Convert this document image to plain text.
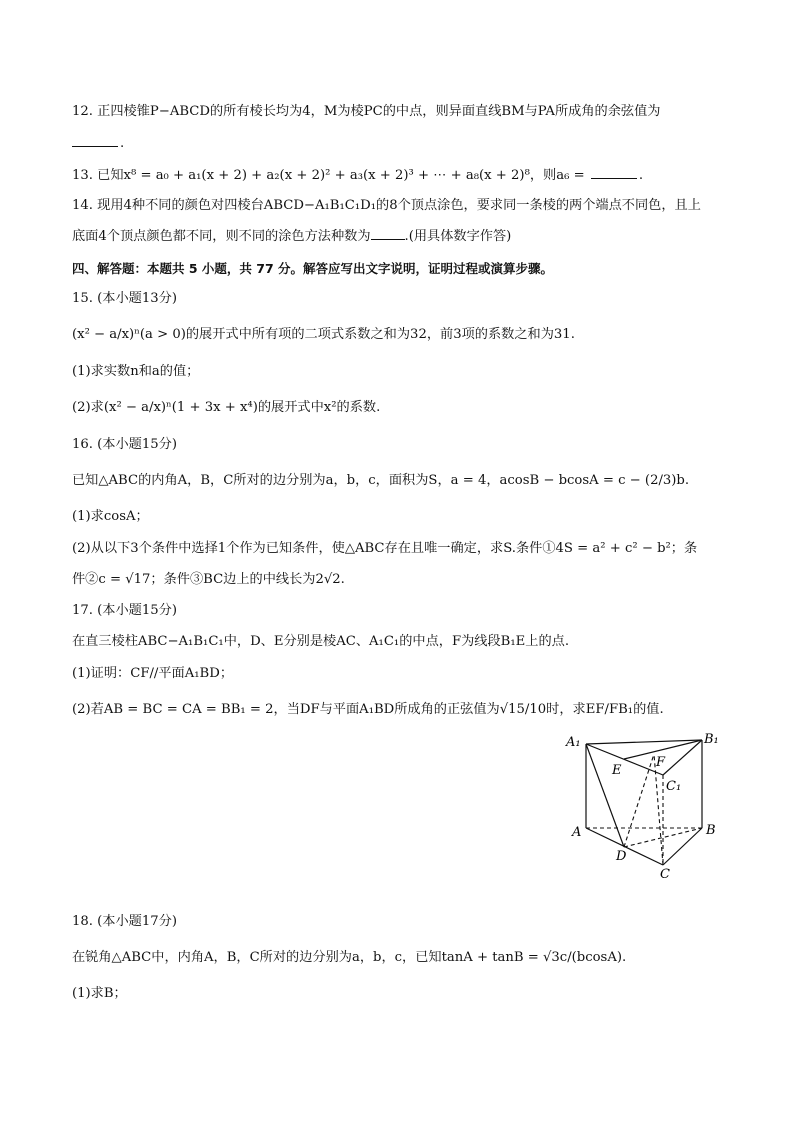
12. 正四棱锥P−ABCD的所有棱长均为4，M为棱PC的中点，则异面直线BM与PA所成角的余弦值为
.
13. 已知x⁸ = a₀ + a₁(x + 2) + a₂(x + 2)² + a₃(x + 2)³ + ⋯ + a₈(x + 2)⁸，则a₆ =	.
14. 现用4种不同的颜色对四棱台ABCD−A₁B₁C₁D₁的8个顶点涂色，要求同一条棱的两个端点不同色，且上
底面4个顶点颜色都不同，则不同的涂色方法种数为	.(用具体数字作答)
四、解答题：本题共 5 小题，共 77 分。解答应写出文字说明，证明过程或演算步骤。
15. (本小题13分)
(x² − a/x)ⁿ(a > 0)的展开式中所有项的二项式系数之和为32，前3项的系数之和为31.
(1)求实数n和a的值；
(2)求(x² − a/x)ⁿ(1 + 3x + x⁴)的展开式中x²的系数.
16. (本小题15分)
已知△ABC的内角A，B，C所对的边分别为a，b，c，面积为S，a = 4，acosB − bcosA = c − (2/3)b.
(1)求cosA；
(2)从以下3个条件中选择1个作为已知条件，使△ABC存在且唯一确定，求S.条件①4S = a² + c² − b²；条
件②c = √17；条件③BC边上的中线长为2√2.
17. (本小题15分)
在直三棱柱ABC−A₁B₁C₁中，D、E分别是棱AC、A₁C₁的中点，F为线段B₁E上的点.
(1)证明：CF//平面A₁BD；
(2)若AB = BC = CA = BB₁ = 2，当DF与平面A₁BD所成角的正弦值为√15/10时，求EF/FB₁的值.
A₁	B₁
E
F
C₁
A	B
D
C
18. (本小题17分)
在锐角△ABC中，内角A，B，C所对的边分别为a，b，c，已知tanA + tanB = √3c/(bcosA).
(1)求B；
